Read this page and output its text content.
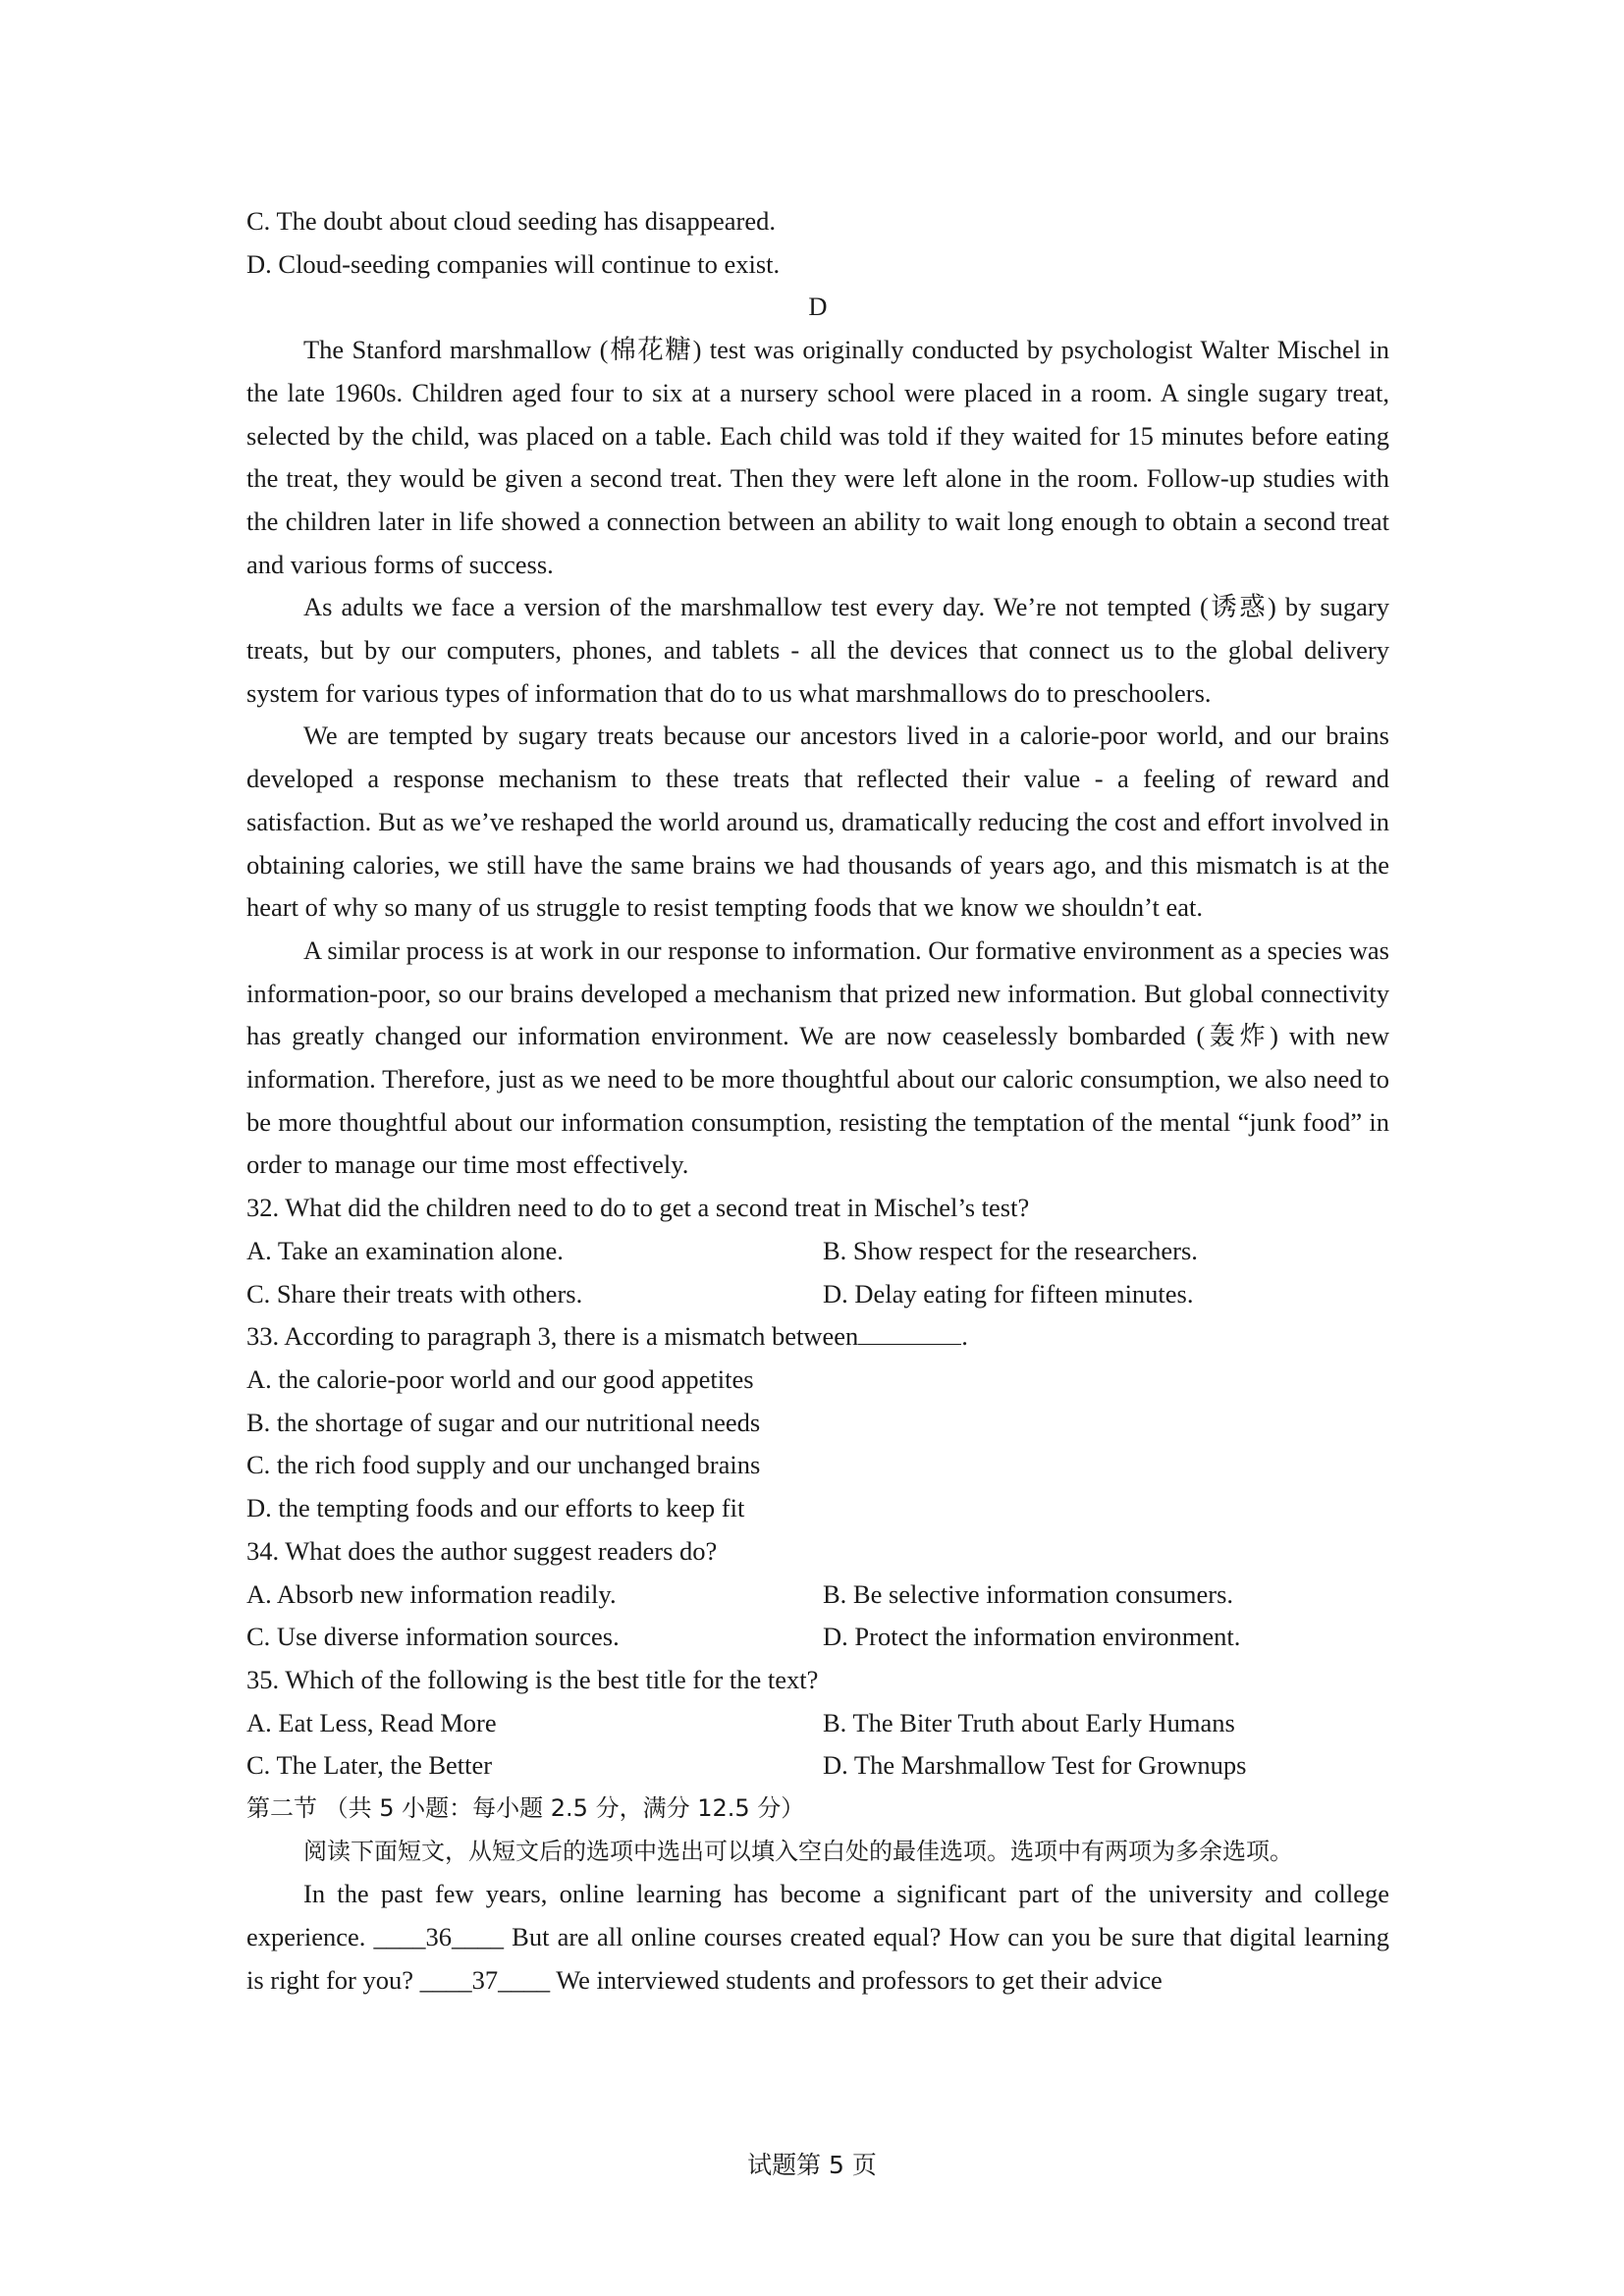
C. The doubt about cloud seeding has disappeared.
D. Cloud-seeding companies will continue to exist.
D

The Stanford marshmallow (棉花糖) test was originally conducted by psychologist Walter Mischel in the late 1960s. Children aged four to six at a nursery school were placed in a room. A single sugary treat, selected by the child, was placed on a table. Each child was told if they waited for 15 minutes before eating the treat, they would be given a second treat. Then they were left alone in the room. Follow-up studies with the children later in life showed a connection between an ability to wait long enough to obtain a second treat and various forms of success.

As adults we face a version of the marshmallow test every day. We’re not tempted (诱惑) by sugary treats, but by our computers, phones, and tablets - all the devices that connect us to the global delivery system for various types of information that do to us what marshmallows do to preschoolers.

We are tempted by sugary treats because our ancestors lived in a calorie-poor world, and our brains developed a response mechanism to these treats that reflected their value - a feeling of reward and satisfaction. But as we’ve reshaped the world around us, dramatically reducing the cost and effort involved in obtaining calories, we still have the same brains we had thousands of years ago, and this mismatch is at the heart of why so many of us struggle to resist tempting foods that we know we shouldn’t eat.

A similar process is at work in our response to information. Our formative environment as a species was information-poor, so our brains developed a mechanism that prized new information. But global connectivity has greatly changed our information environment. We are now ceaselessly bombarded (轰炸) with new information. Therefore, just as we need to be more thoughtful about our caloric consumption, we also need to be more thoughtful about our information consumption, resisting the temptation of the mental “junk food” in order to manage our time most effectively.

32. What did the children need to do to get a second treat in Mischel’s test?
A. Take an examination alone.	B. Show respect for the researchers.
C. Share their treats with others.	D. Delay eating for fifteen minutes.
33. According to paragraph 3, there is a mismatch between	.
A. the calorie-poor world and our good appetites
B. the shortage of sugar and our nutritional needs
C. the rich food supply and our unchanged brains
D. the tempting foods and our efforts to keep fit
34. What does the author suggest readers do?
A. Absorb new information readily.	B. Be selective information consumers.
C. Use diverse information sources.	D. Protect the information environment.
35. Which of the following is the best title for the text?
A. Eat Less, Read More	B. The Biter Truth about Early Humans
C. The Later, the Better	D. The Marshmallow Test for Grownups
第二节 （共 5 小题：每小题 2.5 分，满分 12.5 分）

阅读下面短文，从短文后的选项中选出可以填入空白处的最佳选项。选项中有两项为多余选项。

In the past few years, online learning has become a significant part of the university and college experience. ____36____ But are all online courses created equal? How can you be sure that digital learning is right for you? ____37____ We interviewed students and professors to get their advice

试题第 5 页
